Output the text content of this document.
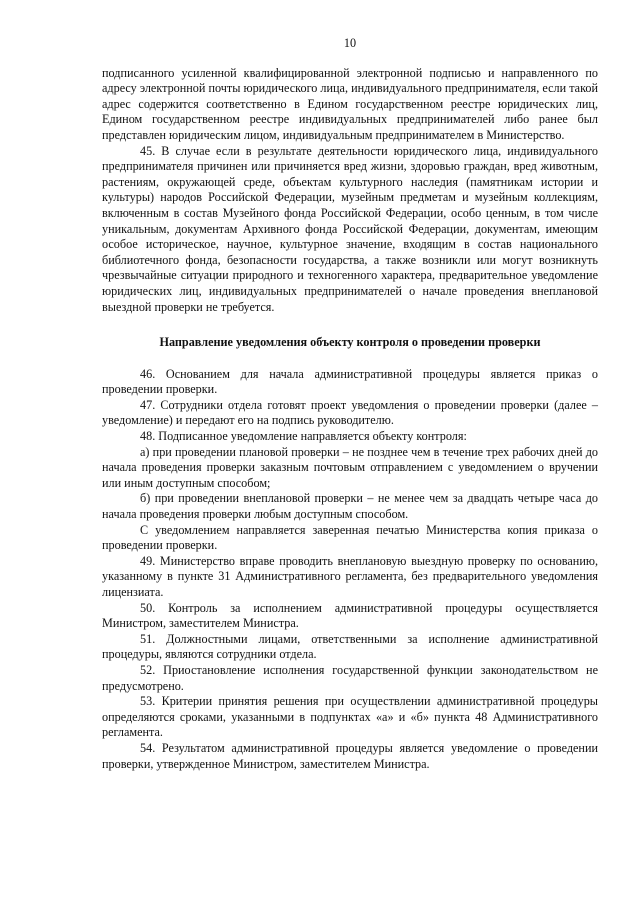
10

подписанного усиленной квалифицированной электронной подписью и направленного по адресу электронной почты юридического лица, индивидуального предпринимателя, если такой адрес содержится соответственно в Едином государственном реестре юридических лиц, Едином государственном реестре индивидуальных предпринимателей либо ранее был представлен юридическим лицом, индивидуальным предпринимателем в Министерство.

45. В случае если в результате деятельности юридического лица, индивидуального предпринимателя причинен или причиняется вред жизни, здоровью граждан, вред животным, растениям, окружающей среде, объектам культурного наследия (памятникам истории и культуры) народов Российской Федерации, музейным предметам и музейным коллекциям, включенным в состав Музейного фонда Российской Федерации, особо ценным, в том числе уникальным, документам Архивного фонда Российской Федерации, документам, имеющим особое историческое, научное, культурное значение, входящим в состав национального библиотечного фонда, безопасности государства, а также возникли или могут возникнуть чрезвычайные ситуации природного и техногенного характера, предварительное уведомление юридических лиц, индивидуальных предпринимателей о начале проведения внеплановой выездной проверки не требуется.

Направление уведомления объекту контроля о проведении проверки

46. Основанием для начала административной процедуры является приказ о проведении проверки.

47. Сотрудники отдела готовят проект уведомления о проведении проверки (далее – уведомление) и передают его на подпись руководителю.

48. Подписанное уведомление направляется объекту контроля:

а) при проведении плановой проверки – не позднее чем в течение трех рабочих дней до начала проведения проверки заказным почтовым отправлением с уведомлением о вручении или иным доступным способом;

б) при проведении внеплановой проверки – не менее чем за двадцать четыре часа до начала проведения проверки любым доступным способом.

С уведомлением направляется заверенная печатью Министерства копия приказа о проведении проверки.

49. Министерство вправе проводить внеплановую выездную проверку по основанию, указанному в пункте 31 Административного регламента, без предварительного уведомления лицензиата.

50. Контроль за исполнением административной процедуры осуществляется Министром, заместителем Министра.

51. Должностными лицами, ответственными за исполнение административной процедуры, являются сотрудники отдела.

52. Приостановление исполнения государственной функции законодательством не предусмотрено.

53. Критерии принятия решения при осуществлении административной процедуры определяются сроками, указанными в подпунктах «а» и «б» пункта 48 Административного регламента.

54. Результатом административной процедуры является уведомление о проведении проверки, утвержденное Министром, заместителем Министра.
